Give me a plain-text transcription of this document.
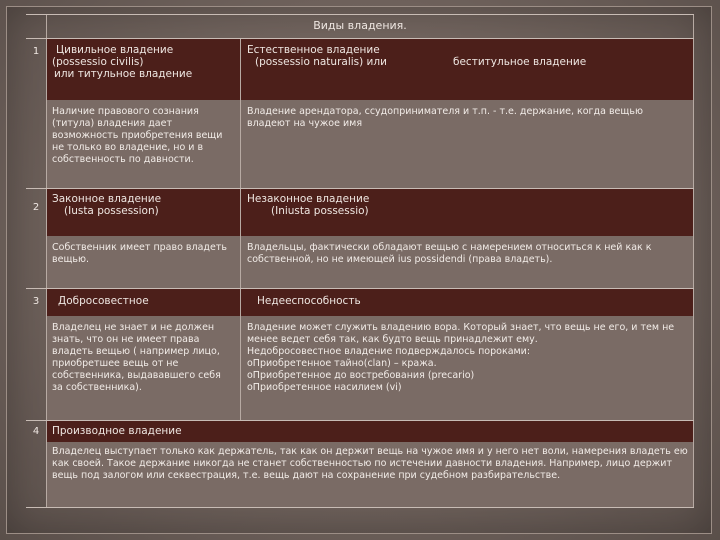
Виды владения.
Цивильное владение
(possessio civilis)
или титульное владение
Естественное владение
(possessio naturalis) или	беститульное владение
Наличие правового сознания (титула) владения дает возможность приобретения вещи не только во владение, но и в собственность по давности.
Владение арендатора, ссудопринимателя и т.п. - т.е. держание, когда вещью владеют на чужое имя
Законное владение
(Iusta possession)
Незаконное владение
(Iniusta possessio)
Собственник имеет право владеть вещью.
Владельцы, фактически обладают вещью с намерением относиться к ней как к собственной, но не имеющей ius possidendi (права владеть).
Добросовестное	Недееспособность
Владелец не знает и не должен знать, что он не имеет права владеть вещью ( например лицо, приобретшее вещь от не собственника, выдававшего себя за собственника).
Владение может служить владению вора. Который знает, что вещь не его, и тем не менее ведет себя так, как будто вещь принадлежит ему.
Недобросовестное владение подверждалось пороками:
oПриобретенное тайно(clan) – кража.
oПриобретенное до востребования (precario)
oПриобретенное насилием (vi)
Производное владение
Владелец выступает только как держатель, так как он держит вещь на чужое имя и у него нет воли, намерения владеть ею как своей. Такое держание никогда не станет собственностью по истечении давности владения. Например, лицо держит вещь под залогом или секвестрация, т.е. вещь дают на сохранение при судебном разбирательстве.
1
2
3
4
